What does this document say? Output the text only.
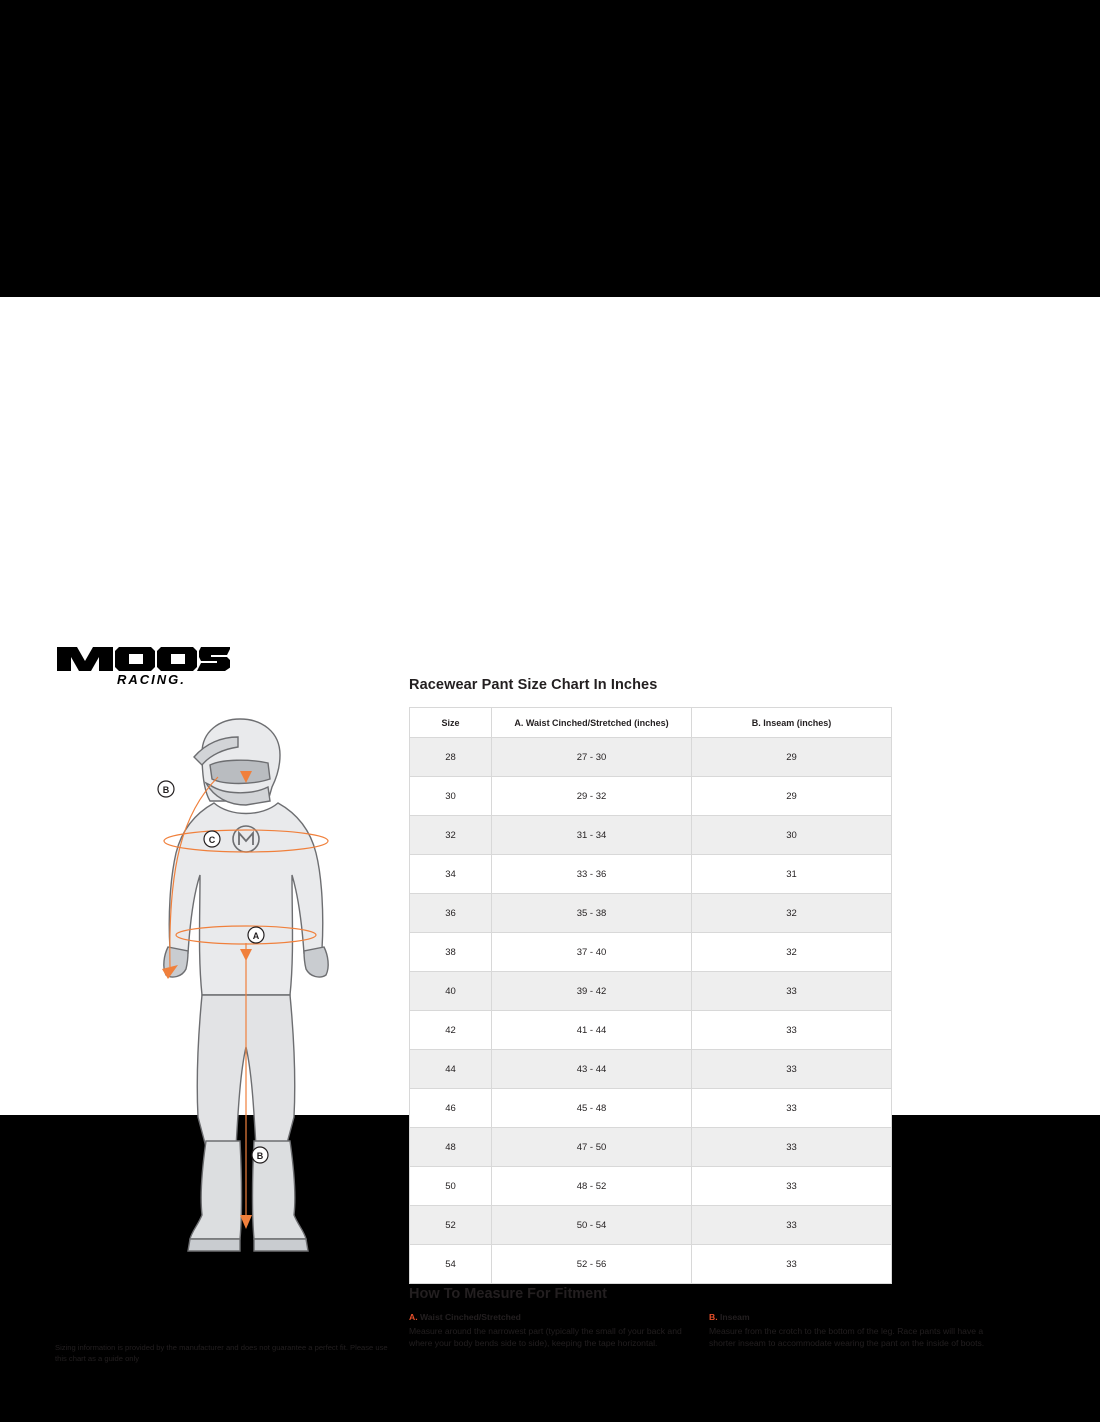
RACING.
B
C
A
B
Racewear Pant Size Chart In Inches
Size	A. Waist Cinched/Stretched (inches)	B. Inseam (inches)
28	27 - 30	29
30	29 - 32	29
32	31 - 34	30
34	33 - 36	31
36	35 - 38	32
38	37 - 40	32
40	39 - 42	33
42	41 - 44	33
44	43 - 44	33
46	45 - 48	33
48	47 - 50	33
50	48 - 52	33
52	50 - 54	33
54	52 - 56	33
How To Measure For Fitment
A. Waist Cinched/Stretched
Measure around the narrowest part (typically the small of your back and where your body bends side to side), keeping the tape horizontal.
B. Inseam
Measure from the crotch to the bottom of the leg. Race pants will have a shorter inseam to accommodate wearing the pant on the inside of boots.
Sizing information is provided by the manufacturer and does not guarantee a perfect fit. Please use this chart as a guide only
